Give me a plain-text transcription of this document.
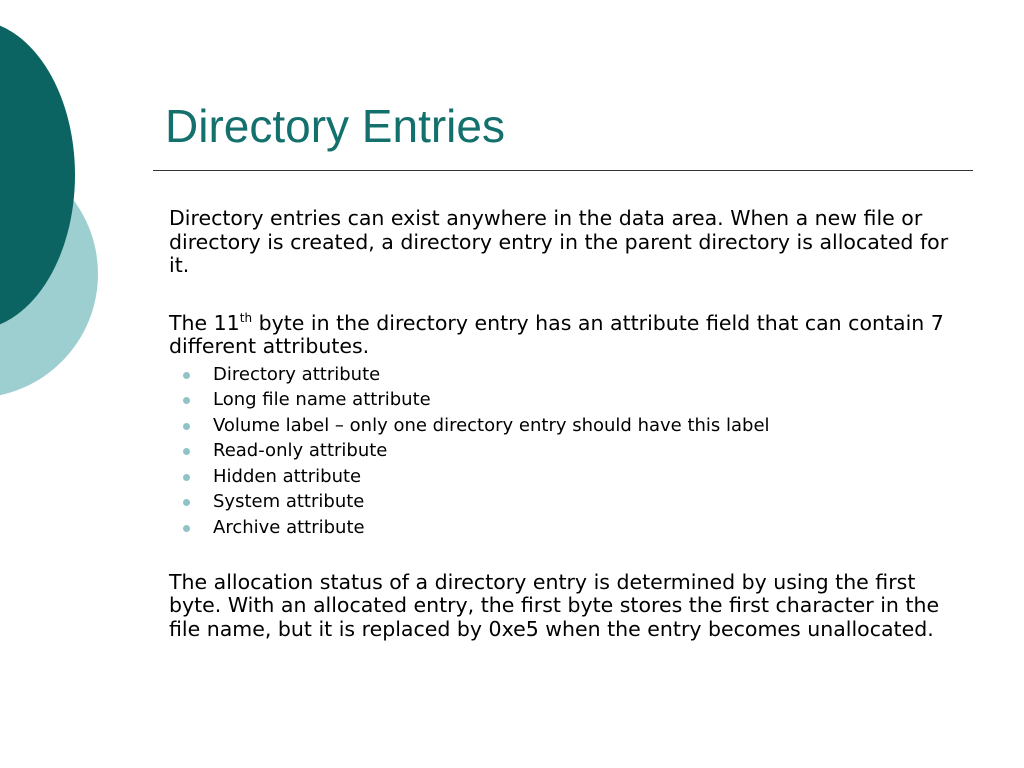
Directory Entries

Directory entries can exist anywhere in the data area. When a new file or directory is created, a directory entry in the parent directory is allocated for it.

The 11th byte in the directory entry has an attribute field that can contain 7 different attributes.

Directory attribute
Long file name attribute
Volume label – only one directory entry should have this label
Read-only attribute
Hidden attribute
System attribute
Archive attribute

The allocation status of a directory entry is determined by using the first byte. With an allocated entry, the first byte stores the first character in the file name, but it is replaced by 0xe5 when the entry becomes unallocated.
